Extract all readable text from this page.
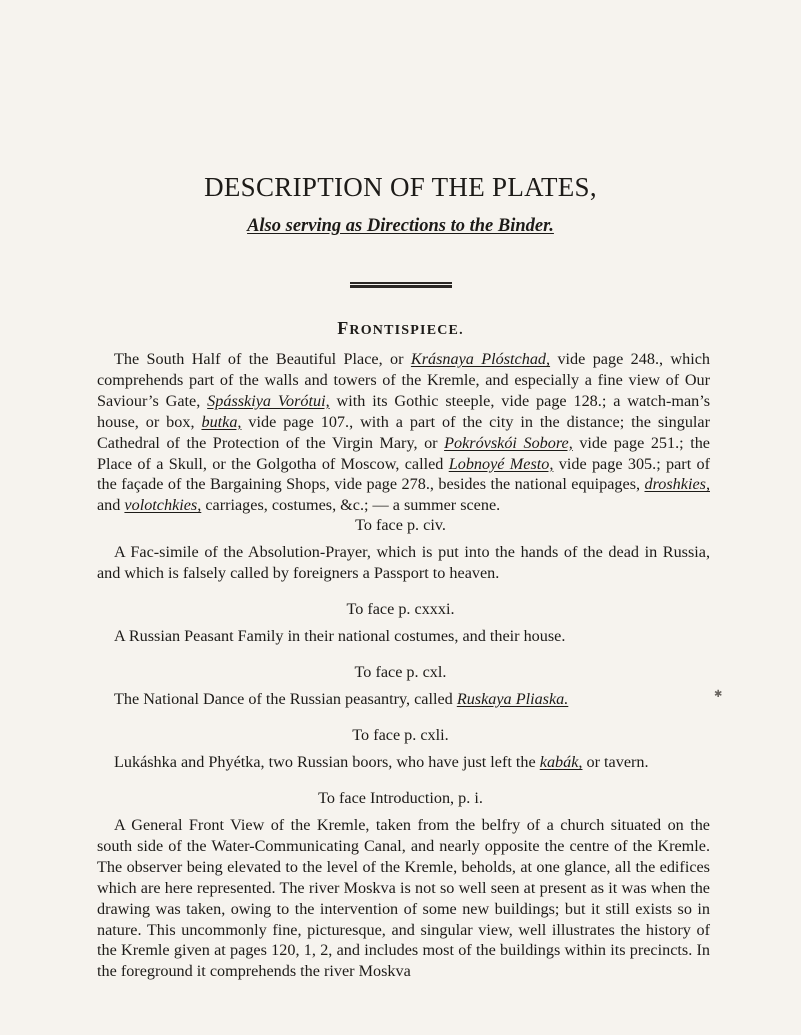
DESCRIPTION OF THE PLATES,
Also serving as Directions to the Binder.
FRONTISPIECE.

The South Half of the Beautiful Place, or Krásnaya Plóstchad, vide page 248., which comprehends part of the walls and towers of the Kremle, and especially a fine view of Our Saviour’s Gate, Spásskiya Vorótui, with its Gothic steeple, vide page 128.; a watch-man’s house, or box, butka, vide page 107., with a part of the city in the distance; the singular Cathedral of the Protection of the Virgin Mary, or Pokróvskói Sobore, vide page 251.; the Place of a Skull, or the Golgotha of Moscow, called Lobnoyé Mesto, vide page 305.; part of the façade of the Bargaining Shops, vide page 278., besides the national equipages, droshkies, and volotchkies, carriages, costumes, &c.; — a summer scene.

To face p. civ.

A Fac-simile of the Absolution-Prayer, which is put into the hands of the dead in Russia, and which is falsely called by foreigners a Passport to heaven.

To face p. cxxxi.

A Russian Peasant Family in their national costumes, and their house.

To face p. cxl.

The National Dance of the Russian peasantry, called Ruskaya Pliaska.

To face p. cxli.

Lukáshka and Phyétka, two Russian boors, who have just left the kabák, or tavern.

To face Introduction, p. i.

A General Front View of the Kremle, taken from the belfry of a church situated on the south side of the Water-Communicating Canal, and nearly opposite the centre of the Kremle. The observer being elevated to the level of the Kremle, beholds, at one glance, all the edifices which are here represented. The river Moskva is not so well seen at present as it was when the drawing was taken, owing to the intervention of some new buildings; but it still exists so in nature. This uncommonly fine, picturesque, and singular view, well illustrates the history of the Kremle given at pages 120, 1, 2, and includes most of the buildings within its precincts. In the foreground it comprehends the river Moskva

✱
